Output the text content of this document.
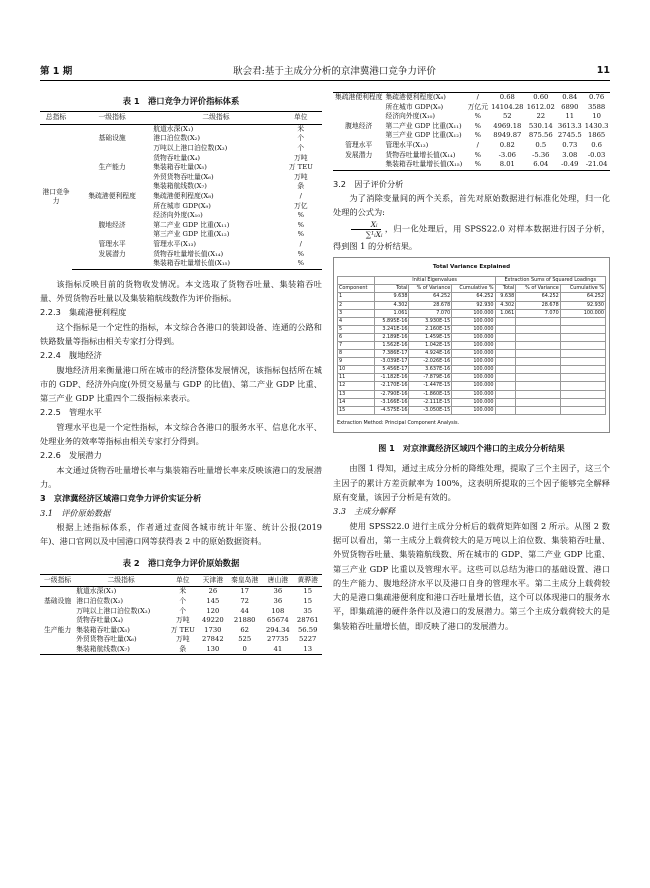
第 1 期	耿会君:基于主成分分析的京津冀港口竞争力评价	11
表 1　港口竞争力评价指标体系
总指标	一级指标	二级指标	单位
港口竞争力		航道水深(X₁)	米
	基础设施	港口泊位数(X₂)	个
		万吨以上港口泊位数(X₃)	个
		货物吞吐量(X₄)	万吨
	生产能力	集装箱吞吐量(X₅)	万 TEU
		外贸货物吞吐量(X₆)	万吨
		集装箱航线数(X₇)	条
	集疏港便利程度	集疏港便利程度(X₈)	/
		所在城市 GDP(X₉)	万亿
		经济向外度(X₁₀)	%
	腹地经济	第二产业 GDP 比重(X₁₁)	%
		第三产业 GDP 比重(X₁₂)	%
	管理水平	管理水平(X₁₃)	/
	发展潜力	货物吞吐量增长值(X₁₄)	%
		集装箱吞吐量增长值(X₁₅)	%

该指标反映目前的货物收发情况。本文选取了货物吞吐量、集装箱吞吐量、外贸货物吞吐量以及集装箱航线数作为评价指标。

2.2.3　集疏港便利程度

这个指标是一个定性的指标，本文综合各港口的装卸设备、连通的公路和铁路数量等指标由相关专家打分得到。

2.2.4　腹地经济

腹地经济用来衡量港口所在城市的经济整体发展情况，该指标包括所在城市的 GDP、经济外向度(外贸交易量与 GDP 的比值)、第二产业 GDP 比重、第三产业 GDP 比重四个二级指标来表示。

2.2.5　管理水平

管理水平也是一个定性指标，本文综合各港口的服务水平、信息化水平、处理业务的效率等指标由相关专家打分得到。

2.2.6　发展潜力

本文通过货物吞吐量增长率与集装箱吞吐量增长率来反映该港口的发展潜力。

3　京津冀经济区域港口竞争力评价实证分析

3.1　评价原始数据

根据上述指标体系，作者通过查阅各城市统计年鉴、统计公报(2019 年)、港口官网以及中国港口网等获得表 2 中的原始数据资料。

表 2　港口竞争力评价原始数据
一级指标	二级指标	单位	天津港	秦皇岛港	唐山港	黄骅港
	航道水深(X₁)	米	26	17	36	15
基础设施	港口泊位数(X₂)	个	145	72	36	15
	万吨以上港口泊位数(X₃)	个	120	44	108	35
	货物吞吐量(X₄)	万吨	49220	21880	65674	28761
生产能力	集装箱吞吐量(X₅)	万 TEU	1730	62	294.34	56.59
	外贸货物吞吐量(X₆)	万吨	27842	525	27735	5227
	集装箱航线数(X₇)	条	130	0	41	13
集疏港便利程度	集疏港便利程度(X₈)	/	0.68	0.60	0.84	0.76
	所在城市 GDP(X₉)	万亿元	14104.28	1612.02	6890	3588
	经济向外度(X₁₀)	%	52	22	11	10
腹地经济	第二产业 GDP 比重(X₁₁)	%	4969.18	530.14	3613.3	1430.3
	第三产业 GDP 比重(X₁₂)	%	8949.87	875.56	2745.5	1865
管理水平	管理水平(X₁₃)	/	0.82	0.5	0.73	0.6
发展潜力	货物吞吐量增长值(X₁₄)	%	-3.06	-5.36	3.08	-0.03
	集装箱吞吐量增长值(X₁₅)	%	8.01	6.04	-0.49	-21.04

3.2　因子评价分析

为了消除变量间的两个关系，首先对原始数据进行标准化处理，归一化处理的公式为:

$\frac{\text{Xᵢ}}{\text{∑¹ᵢXᵢ}}$ ，归一化处理后，用 SPSS22.0 对样本数据进行因子分析，得到图 1 的分析结果。

Total Variance Explained
	Initial Eigenvalues			Extraction Sums of Squared Loadings		
Component	Total	% of Variance	Cumulative %	Total	% of Variance	Cumulative %
1	9.638	64.252	64.252	9.638	64.252	64.252
2	4.302	28.678	92.930	4.302	28.678	92.930
3	1.061	7.070	100.000	1.061	7.070	100.000
4	5.895E-16	3.930E-15	100.000			
5	3.241E-16	2.160E-15	100.000			
6	2.189E-16	1.459E-15	100.000			
7	1.562E-16	1.042E-15	100.000			
8	7.386E-17	4.924E-16	100.000			
9	-3.039E-17	-2.026E-16	100.000			
10	5.456E-17	3.637E-16	100.000			
11	-1.182E-16	-7.879E-16	100.000			
12	-2.170E-16	-1.447E-15	100.000			
13	-2.790E-16	-1.860E-15	100.000			
14	-3.166E-16	-2.111E-15	100.000			
15	-4.575E-16	-3.050E-15	100.000			
Extraction Method: Principal Component Analysis.
图 1　对京津冀经济区域四个港口的主成分分析结果

由图 1 得知，通过主成分分析的降维处理，提取了三个主因子，这三个主因子的累计方差贡献率为 100%，这表明所提取的三个因子能够完全解释原有变量，该因子分析是有效的。

3.3　主成分解释

使用 SPSS22.0 进行主成分分析后的载荷矩阵如图 2 所示。从图 2 数据可以看出，第一主成分上载荷较大的是万吨以上泊位数、集装箱吞吐量、外贸货物吞吐量、集装箱航线数、所在城市的 GDP、第二产业 GDP 比重、第三产业 GDP 比重以及管理水平。这些可以总结为港口的基础设置、港口的生产能力、腹地经济水平以及港口自身的管理水平。第二主成分上载荷较大的是港口集疏港便利度和港口吞吐量增长值，这个可以体现港口的服务水平，即集疏港的硬件条件以及港口的发展潜力。第三个主成分载荷较大的是集装箱吞吐量增长值，即反映了港口的发展潜力。
